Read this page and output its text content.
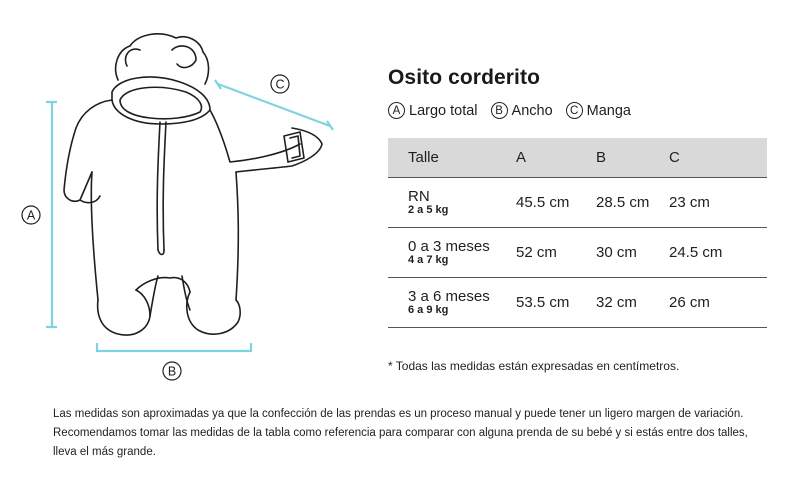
A
B
C	Osito corderito
A Largo total	B Ancho	C Manga
Talle	A	B	C

RN
2 a 5 kg	45.5 cm	28.5 cm	23 cm

0 a 3 meses
4 a 7 kg	52 cm	30 cm	24.5 cm

3 a 6 meses
6 a 9 kg	53.5 cm	32 cm	26 cm
* Todas las medidas están expresadas en centímetros.
Las medidas son aproximadas ya que la confección de las prendas es un proceso manual y puede tener un ligero margen de variación. Recomendamos tomar las medidas de la tabla como referencia para comparar con alguna prenda de su bebé y si estás entre dos talles, lleva el más grande.
